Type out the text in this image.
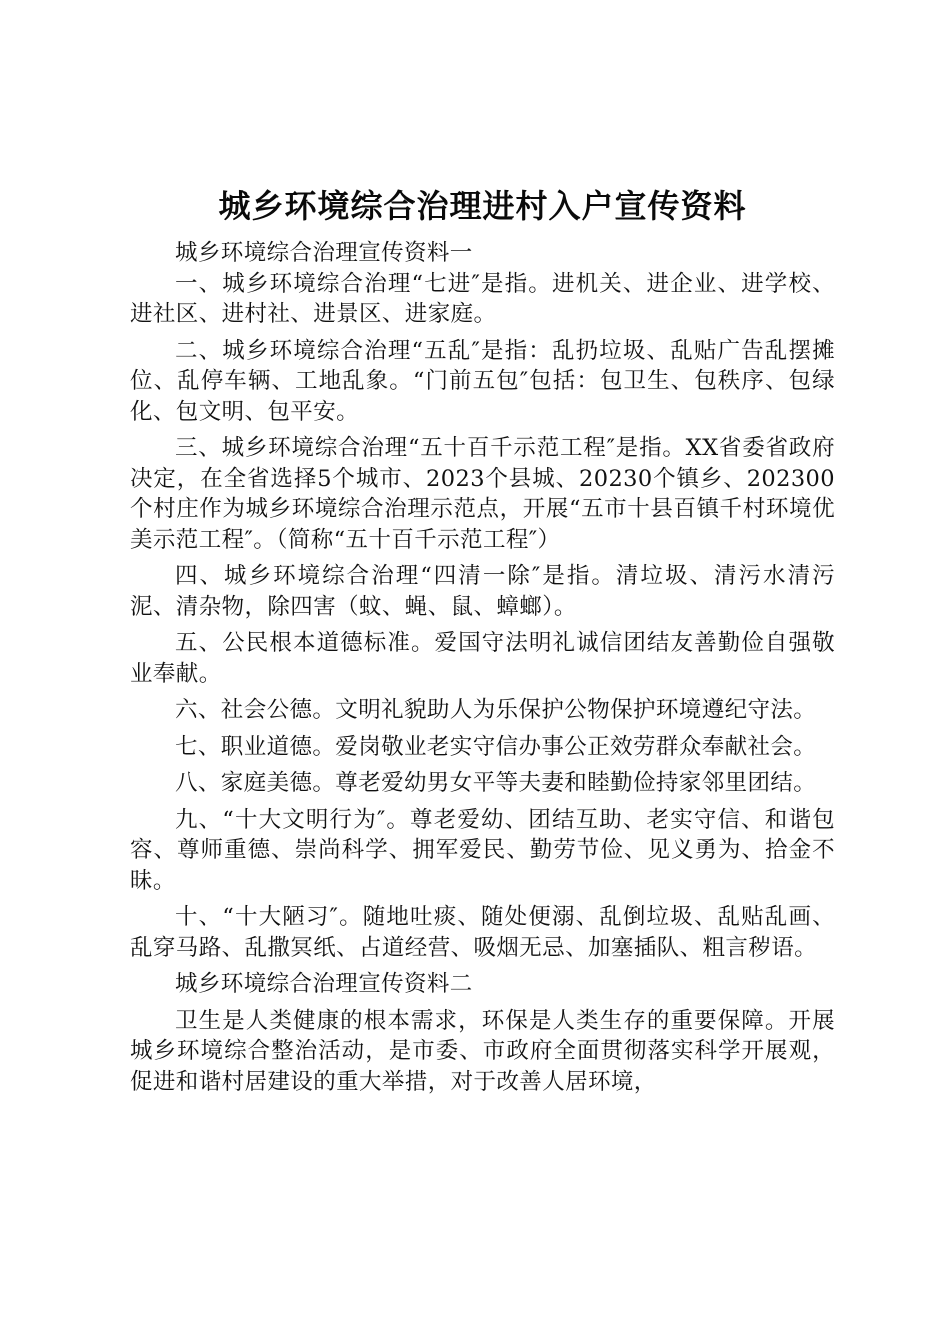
城乡环境综合治理进村入户宣传资料

城乡环境综合治理宣传资料一

一、城乡环境综合治理“七进″是指。进机关、进企业、进学校、进社区、进村社、进景区、进家庭。

二、城乡环境综合治理“五乱″是指：乱扔垃圾、乱贴广告乱摆摊位、乱停车辆、工地乱象。“门前五包″包括：包卫生、包秩序、包绿化、包文明、包平安。

三、城乡环境综合治理“五十百千示范工程″是指。XX省委省政府决定，在全省选择5个城市、2023个县城、20230个镇乡、202300个村庄作为城乡环境综合治理示范点，开展“五市十县百镇千村环境优美示范工程″。（简称“五十百千示范工程″）

四、城乡环境综合治理“四清一除″是指。清垃圾、清污水清污泥、清杂物，除四害（蚊、蝇、鼠、蟑螂）。

五、公民根本道德标准。爱国守法明礼诚信团结友善勤俭自强敬业奉献。

六、社会公德。文明礼貌助人为乐保护公物保护环境遵纪守法。

七、职业道德。爱岗敬业老实守信办事公正效劳群众奉献社会。

八、家庭美德。尊老爱幼男女平等夫妻和睦勤俭持家邻里团结。

九、“十大文明行为″。尊老爱幼、团结互助、老实守信、和谐包容、尊师重德、崇尚科学、拥军爱民、勤劳节俭、见义勇为、拾金不昧。

十、“十大陋习″。随地吐痰、随处便溺、乱倒垃圾、乱贴乱画、乱穿马路、乱撒冥纸、占道经营、吸烟无忌、加塞插队、粗言秽语。

城乡环境综合治理宣传资料二

卫生是人类健康的根本需求，环保是人类生存的重要保障。开展城乡环境综合整治活动，是市委、市政府全面贯彻落实科学开展观，促进和谐村居建设的重大举措，对于改善人居环境，
